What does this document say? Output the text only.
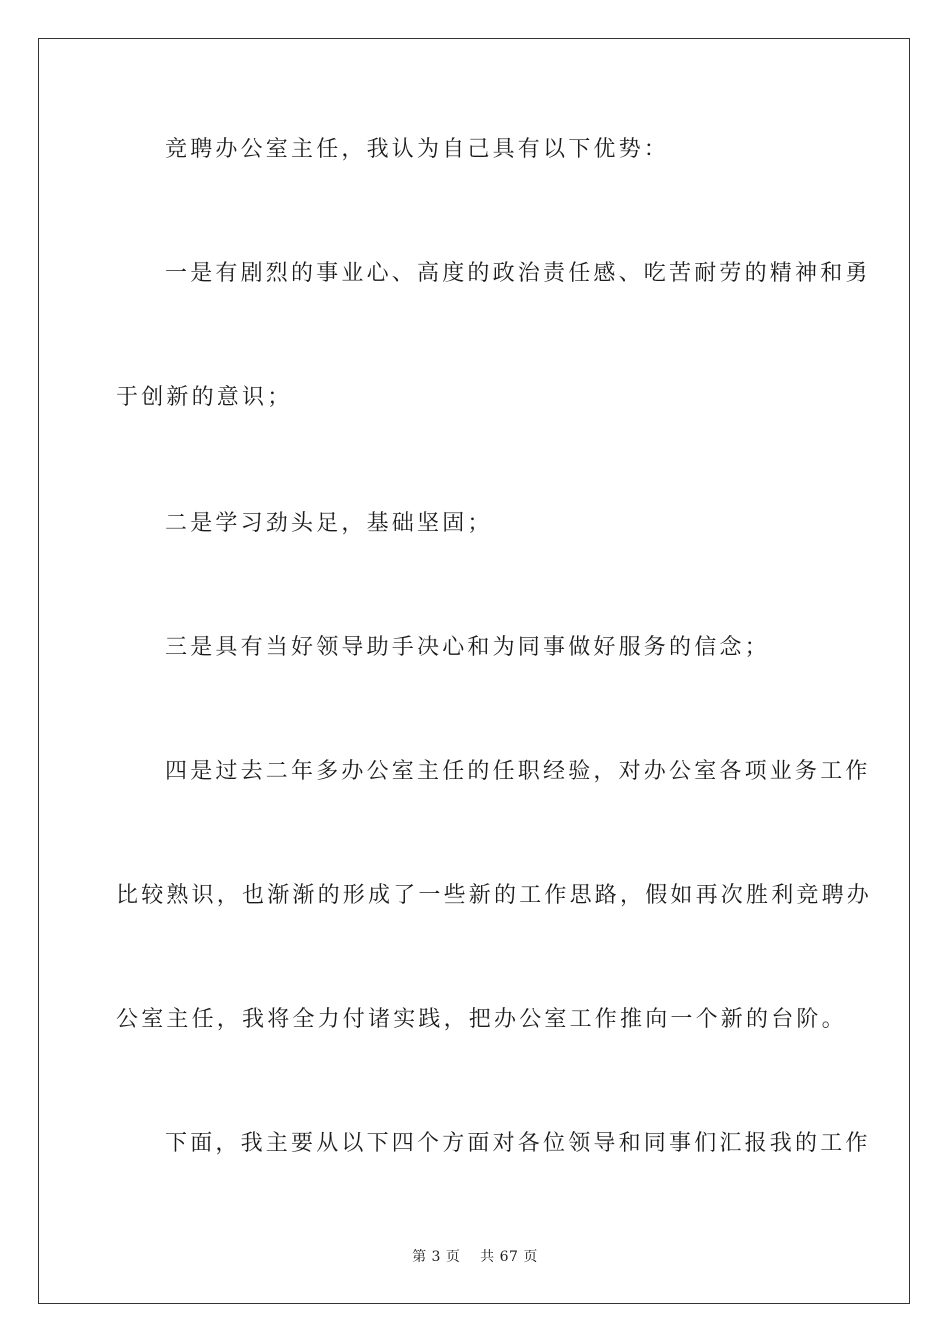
竞聘办公室主任，我认为自己具有以下优势：
一是有剧烈的事业心、高度的政治责任感、吃苦耐劳的精神和勇
于创新的意识；
二是学习劲头足，基础坚固；
三是具有当好领导助手决心和为同事做好服务的信念；
四是过去二年多办公室主任的任职经验，对办公室各项业务工作
比较熟识，也渐渐的形成了一些新的工作思路，假如再次胜利竞聘办
公室主任，我将全力付诸实践，把办公室工作推向一个新的台阶。
下面，我主要从以下四个方面对各位领导和同事们汇报我的工作
第 3 页    共 67 页
